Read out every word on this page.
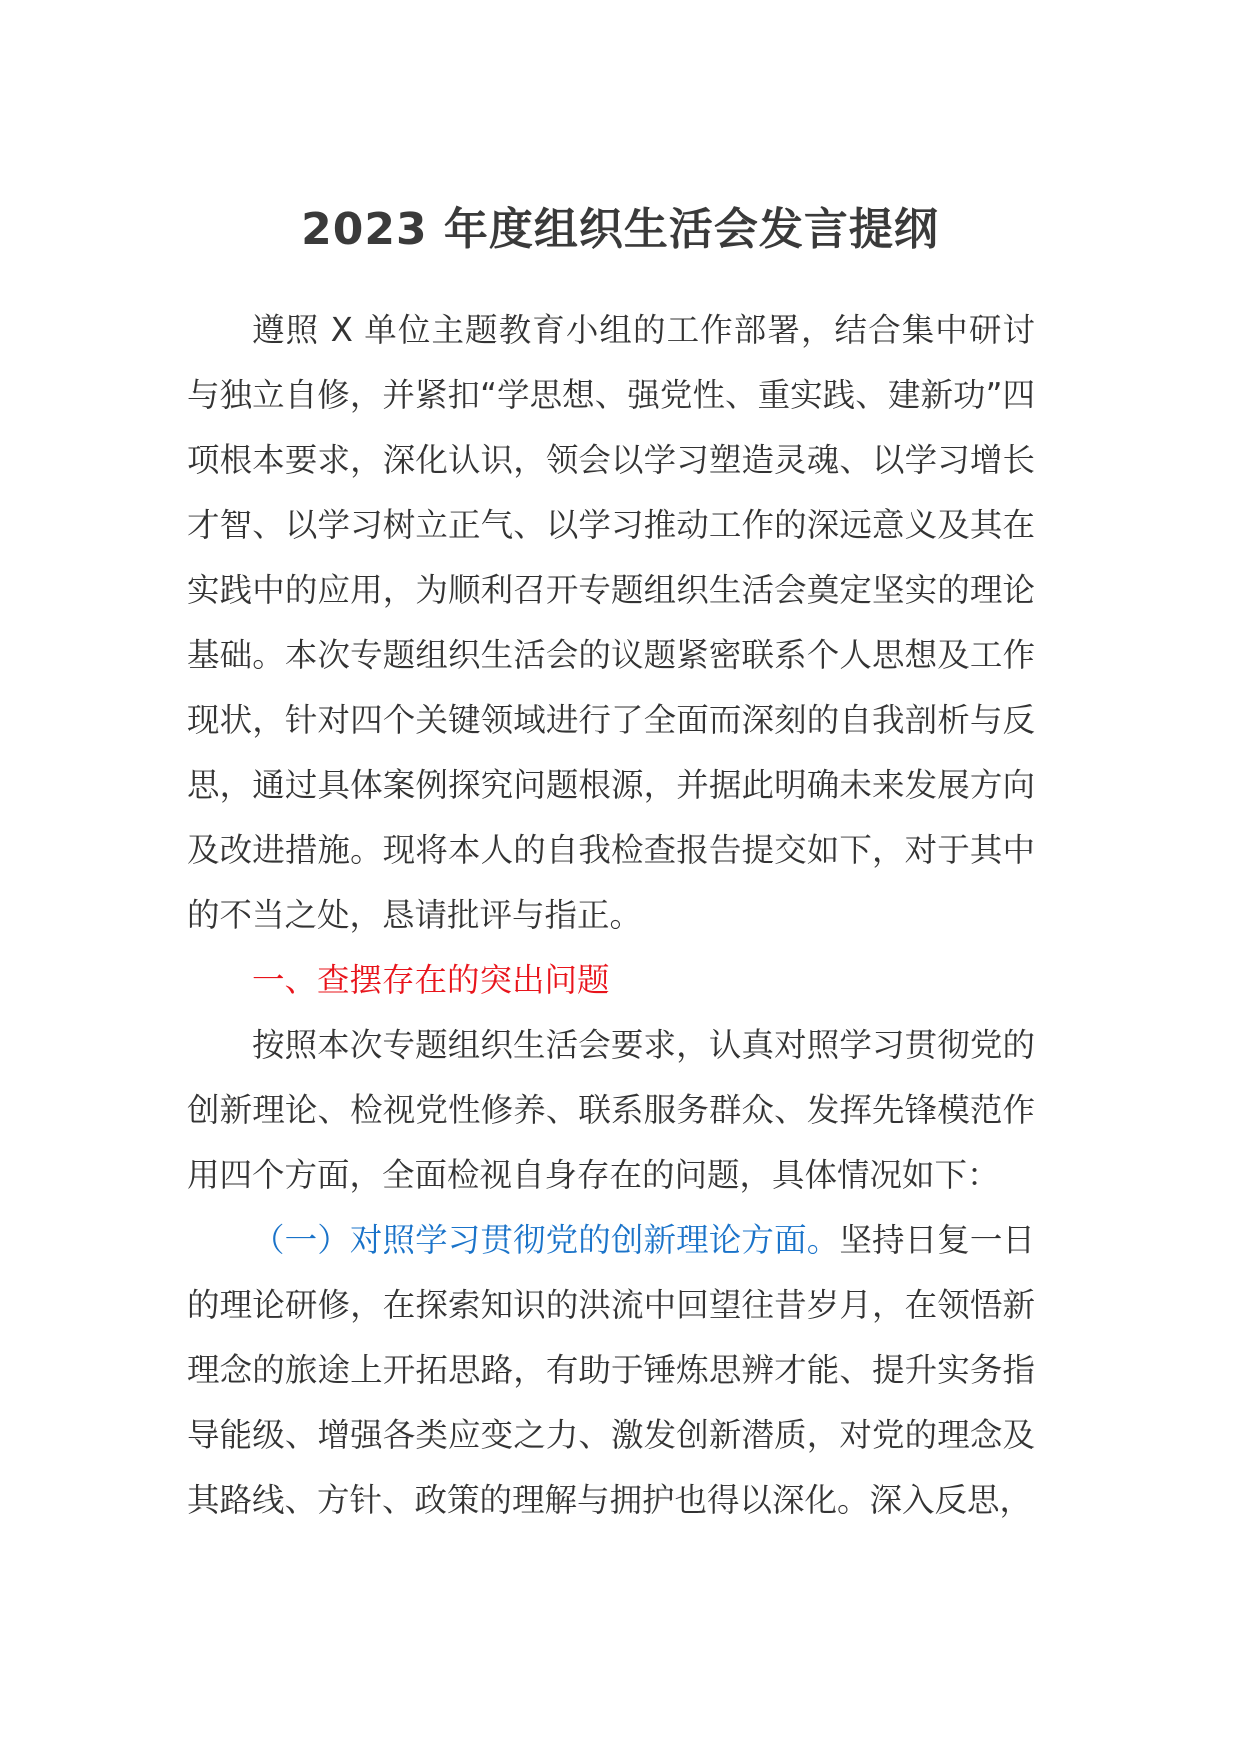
2023 年度组织生活会发言提纲

遵照 X 单位主题教育小组的工作部署，结合集中研讨与独立自修，并紧扣“学思想、强党性、重实践、建新功”四项根本要求，深化认识，领会以学习塑造灵魂、以学习增长才智、以学习树立正气、以学习推动工作的深远意义及其在实践中的应用，为顺利召开专题组织生活会奠定坚实的理论基础。本次专题组织生活会的议题紧密联系个人思想及工作现状，针对四个关键领域进行了全面而深刻的自我剖析与反思，通过具体案例探究问题根源，并据此明确未来发展方向及改进措施。现将本人的自我检查报告提交如下，对于其中的不当之处，恳请批评与指正。

一、查摆存在的突出问题

按照本次专题组织生活会要求，认真对照学习贯彻党的创新理论、检视党性修养、联系服务群众、发挥先锋模范作用四个方面，全面检视自身存在的问题，具体情况如下：

（一）对照学习贯彻党的创新理论方面。坚持日复一日的理论研修，在探索知识的洪流中回望往昔岁月，在领悟新理念的旅途上开拓思路，有助于锤炼思辨才能、提升实务指导能级、增强各类应变之力、激发创新潜质，对党的理念及其路线、方针、政策的理解与拥护也得以深化。深入反思，
